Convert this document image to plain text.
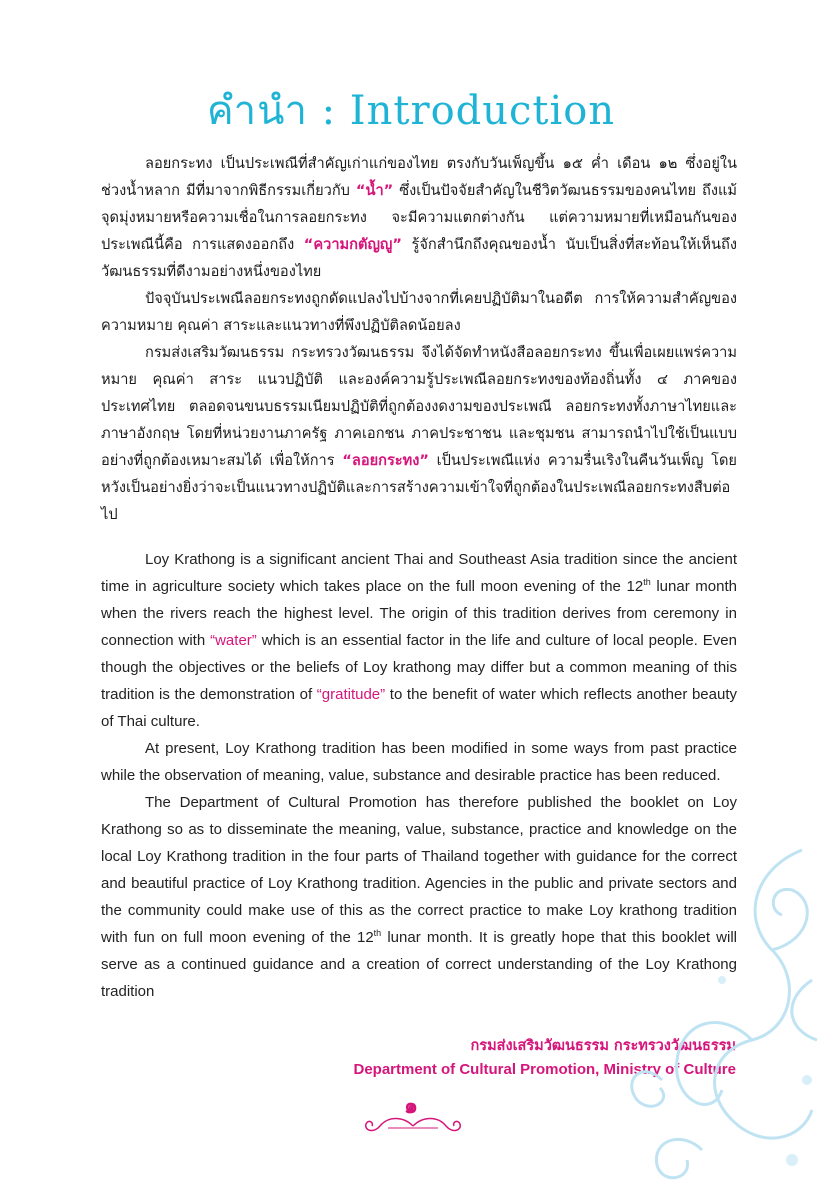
คำนำ : Introduction

ลอยกระทง เป็นประเพณีที่สำคัญเก่าแก่ของไทย ตรงกับวันเพ็ญขึ้น ๑๕ ค่ำ เดือน ๑๒ ซึ่งอยู่ในช่วงน้ำหลาก มีที่มาจากพิธีกรรมเกี่ยวกับ “น้ำ” ซึ่งเป็นปัจจัยสำคัญในชีวิตวัฒนธรรมของคนไทย ถึงแม้จุดมุ่งหมายหรือความเชื่อในการลอยกระทง จะมีความแตกต่างกัน แต่ความหมายที่เหมือนกันของประเพณีนี้คือ การแสดงออกถึง “ความกตัญญู” รู้จักสำนึกถึงคุณของน้ำ นับเป็นสิ่งที่สะท้อนให้เห็นถึงวัฒนธรรมที่ดีงามอย่างหนึ่งของไทย

ปัจจุบันประเพณีลอยกระทงถูกดัดแปลงไปบ้างจากที่เคยปฏิบัติมาในอดีต การให้ความสำคัญของความหมาย คุณค่า สาระและแนวทางที่พึงปฏิบัติลดน้อยลง

กรมส่งเสริมวัฒนธรรม กระทรวงวัฒนธรรม จึงได้จัดทำหนังสือลอยกระทง ขึ้นเพื่อเผยแพร่ความหมาย คุณค่า สาระ แนวปฏิบัติ และองค์ความรู้ประเพณีลอยกระทงของท้องถิ่นทั้ง ๔ ภาคของประเทศไทย ตลอดจนขนบธรรมเนียมปฏิบัติที่ถูกต้องงดงามของประเพณี ลอยกระทงทั้งภาษาไทยและภาษาอังกฤษ โดยที่หน่วยงานภาครัฐ ภาคเอกชน ภาคประชาชน และชุมชน สามารถนำไปใช้เป็นแบบอย่างที่ถูกต้องเหมาะสมได้ เพื่อให้การ “ลอยกระทง” เป็นประเพณีแห่ง ความรื่นเริงในคืนวันเพ็ญ โดยหวังเป็นอย่างยิ่งว่าจะเป็นแนวทางปฏิบัติและการสร้างความเข้าใจที่ถูกต้องในประเพณีลอยกระทงสืบต่อไป

Loy Krathong is a significant ancient Thai and Southeast Asia tradition since the ancient time in agriculture society which takes place on the full moon evening of the 12th lunar month when the rivers reach the highest level. The origin of this tradition derives from ceremony in connection with “water” which is an essential factor in the life and culture of local people. Even though the objectives or the beliefs of Loy krathong may differ but a common meaning of this tradition is the demonstration of “gratitude” to the benefit of water which reflects another beauty of Thai culture.

At present, Loy Krathong tradition has been modified in some ways from past practice while the observation of meaning, value, substance and desirable practice has been reduced.

The Department of Cultural Promotion has therefore published the booklet on Loy Krathong so as to disseminate the meaning, value, substance, practice and knowledge on the local Loy Krathong tradition in the four parts of Thailand together with guidance for the correct and beautiful practice of Loy Krathong tradition. Agencies in the public and private sectors and the community could make use of this as the correct practice to make Loy krathong tradition with fun on full moon evening of the 12th lunar month. It is greatly hope that this booklet will serve as a continued guidance and a creation of correct understanding of the Loy Krathong tradition

กรมส่งเสริมวัฒนธรรม กระทรวงวัฒนธรรม
Department of Cultural Promotion, Ministry of Culture
๑
